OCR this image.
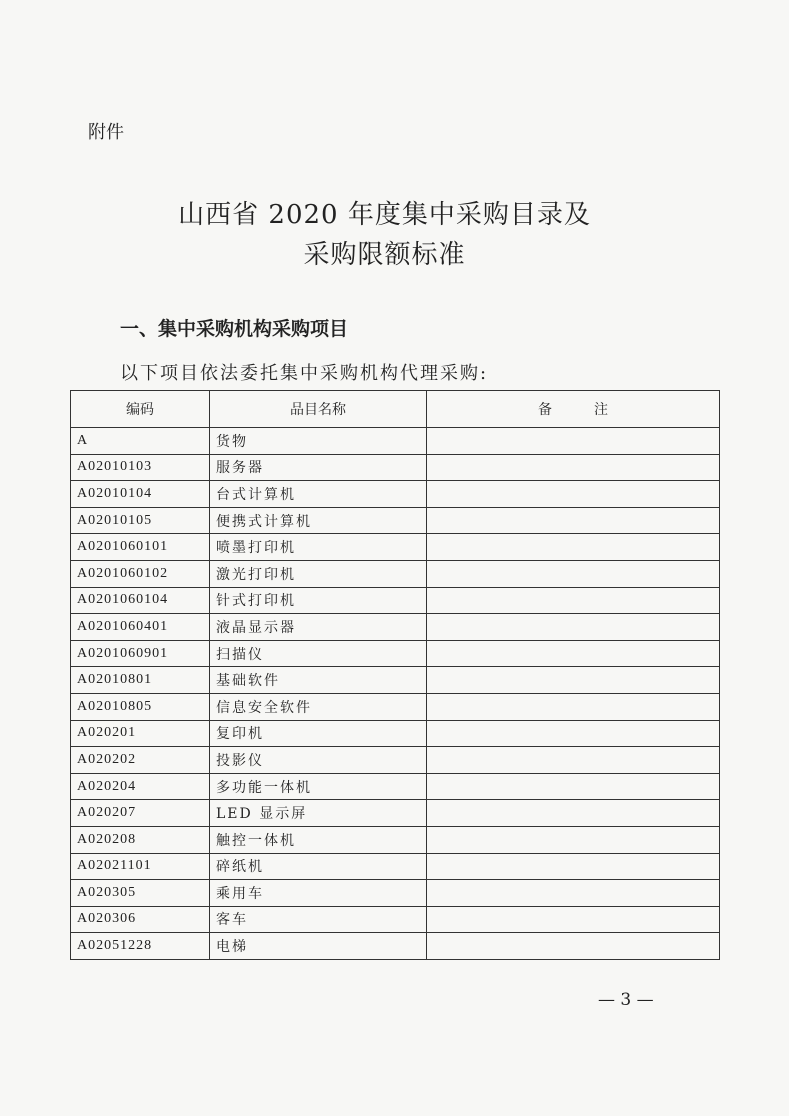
附件
山西省 2020 年度集中采购目录及
采购限额标准
一、集中采购机构采购项目
以下项目依法委托集中采购机构代理采购:
编码	品目名称	备　　　注
A	货物	
A02010103	服务器	
A02010104	台式计算机	
A02010105	便携式计算机	
A0201060101	喷墨打印机	
A0201060102	激光打印机	
A0201060104	针式打印机	
A0201060401	液晶显示器	
A0201060901	扫描仪	
A02010801	基础软件	
A02010805	信息安全软件	
A020201	复印机	
A020202	投影仪	
A020204	多功能一体机	
A020207	LED 显示屏	
A020208	触控一体机	
A02021101	碎纸机	
A020305	乘用车	
A020306	客车	
A02051228	电梯	
— 3 —
